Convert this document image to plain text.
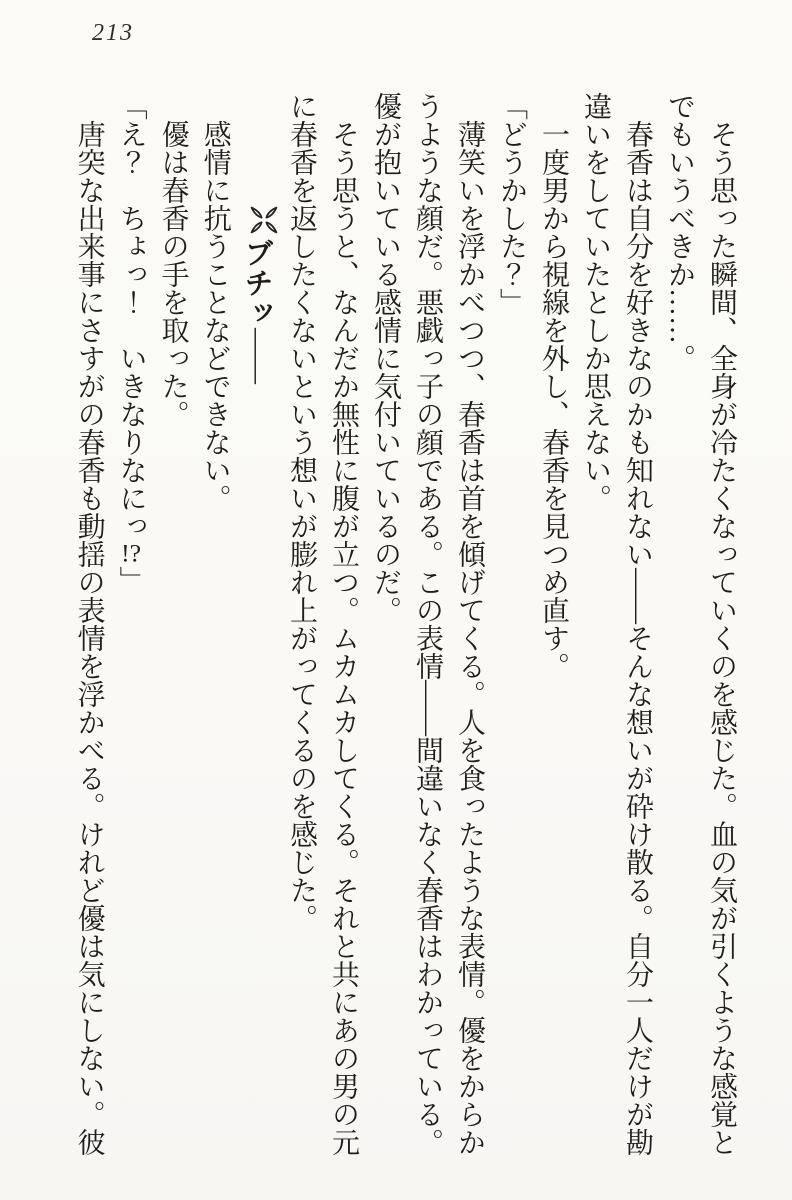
213

　そう思った瞬間、全身が冷たくなっていくのを感じた。血の気が引くような感覚とでもいうべきか……。

　春香は自分を好きなのかも知れない――そんな想いが砕け散る。自分一人だけが勘違いをしていたとしか思えない。

　一度男から視線を外し、春香を見つめ直す。

「どうかした？」

　薄笑いを浮かべつつ、春香は首を傾げてくる。人を食ったような表情。優をからかうような顔だ。悪戯っ子の顔である。この表情――間違いなく春香はわかっている。優が抱いている感情に気付いているのだ。

　そう思うと、なんだか無性に腹が立つ。ムカムカしてくる。それと共にあの男の元に春香を返したくないという想いが膨れ上がってくるのを感じた。

　　　　ブチッ――

　感情に抗うことなどできない。

　優は春香の手を取った。

「え？　ちょっ！　いきなりなにっ!?」

　唐突な出来事にさすがの春香も動揺の表情を浮かべる。けれど優は気にしない。彼
